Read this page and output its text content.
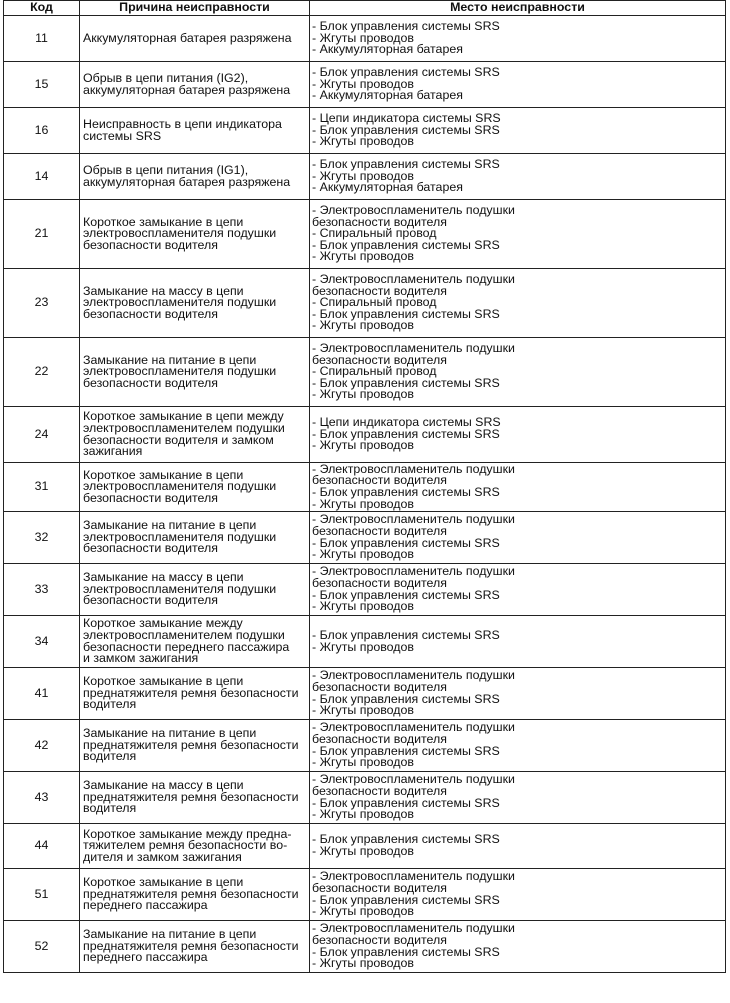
Код	Причина неисправности	Место неисправности
11	Аккумуляторная батарея разряжена	- Блок управления системы SRS
- Жгуты проводов
- Аккумуляторная батарея

15	Обрыв в цепи питания (IG2),
аккумуляторная батарея разряжена	- Блок управления системы SRS
- Жгуты проводов
- Аккумуляторная батарея

16	Неисправность в цепи индикатора
системы SRS	- Цепи индикатора системы SRS
- Блок управления системы SRS
- Жгуты проводов

14	Обрыв в цепи питания (IG1),
аккумуляторная батарея разряжена	- Блок управления системы SRS
- Жгуты проводов
- Аккумуляторная батарея

21	Короткое замыкание в цепи
электровоспламенителя подушки
безопасности водителя	- Электровоспламенитель подушки
безопасности водителя
- Спиральный провод
- Блок управления системы SRS
- Жгуты проводов

23	Замыкание на массу в цепи
электровоспламенителя подушки
безопасности водителя	- Электровоспламенитель подушки
безопасности водителя
- Спиральный провод
- Блок управления системы SRS
- Жгуты проводов

22	Замыкание на питание в цепи
электровоспламенителя подушки
безопасности водителя	- Электровоспламенитель подушки
безопасности водителя
- Спиральный провод
- Блок управления системы SRS
- Жгуты проводов

24	Короткое замыкание в цепи между
электровоспламенителем подушки
безопасности водителя и замком
зажигания	- Цепи индикатора системы SRS
- Блок управления системы SRS
- Жгуты проводов

31	Короткое замыкание в цепи
электровоспламенителя подушки
безопасности водителя	- Электровоспламенитель подушки
безопасности водителя
- Блок управления системы SRS
- Жгуты проводов

32	Замыкание на питание в цепи
электровоспламенителя подушки
безопасности водителя	- Электровоспламенитель подушки
безопасности водителя
- Блок управления системы SRS
- Жгуты проводов

33	Замыкание на массу в цепи
электровоспламенителя подушки
безопасности водителя	- Электровоспламенитель подушки
безопасности водителя
- Блок управления системы SRS
- Жгуты проводов

34	Короткое замыкание между
электровоспламенителем подушки
безопасности переднего пассажира
и замком зажигания	- Блок управления системы SRS
- Жгуты проводов

41	Короткое замыкание в цепи
преднатяжителя ремня безопасности
водителя	- Электровоспламенитель подушки
безопасности водителя
- Блок управления системы SRS
- Жгуты проводов

42	Замыкание на питание в цепи
преднатяжителя ремня безопасности
водителя	- Электровоспламенитель подушки
безопасности водителя
- Блок управления системы SRS
- Жгуты проводов

43	Замыкание на массу в цепи
преднатяжителя ремня безопасности
водителя	- Электровоспламенитель подушки
безопасности водителя
- Блок управления системы SRS
- Жгуты проводов

44	Короткое замыкание между предна-
тяжителем ремня безопасности во-
дителя и замком зажигания	- Блок управления системы SRS
- Жгуты проводов

51	Короткое замыкание в цепи
преднатяжителя ремня безопасности
переднего пассажира	- Электровоспламенитель подушки
безопасности водителя
- Блок управления системы SRS
- Жгуты проводов

52	Замыкание на питание в цепи
преднатяжителя ремня безопасности
переднего пассажира	- Электровоспламенитель подушки
безопасности водителя
- Блок управления системы SRS
- Жгуты проводов
